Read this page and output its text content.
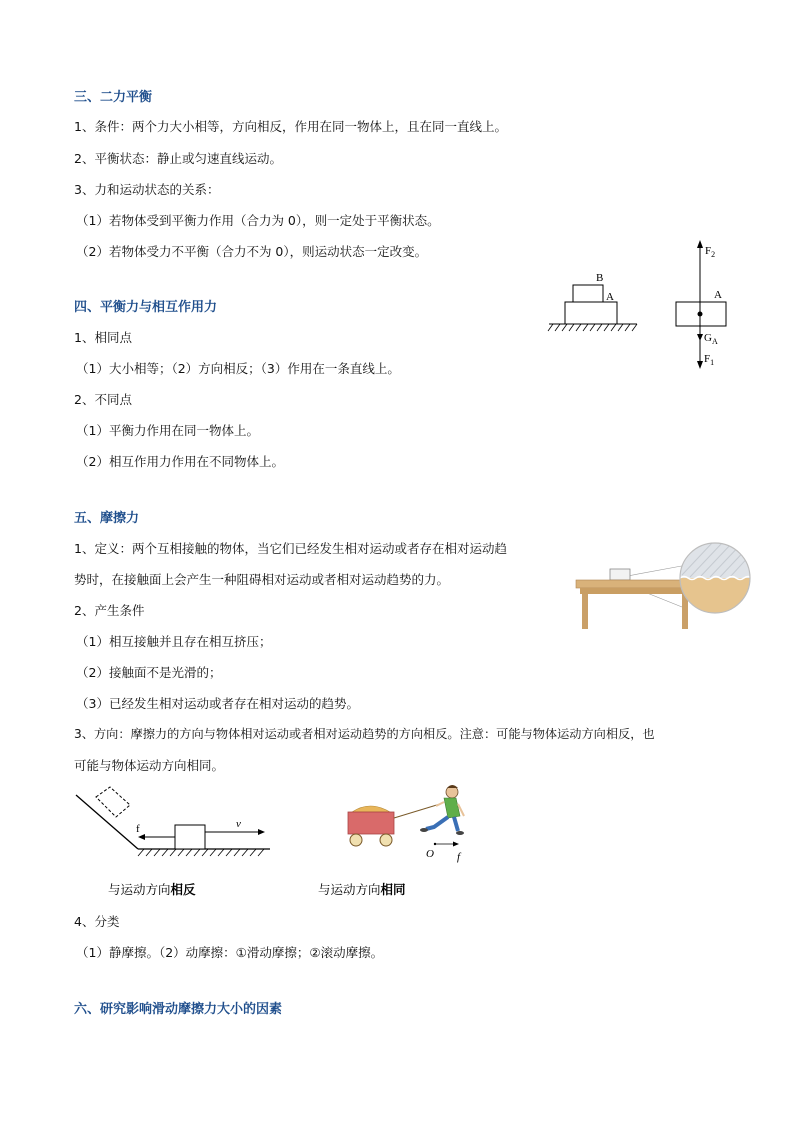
三、二力平衡
1、条件：两个力大小相等，方向相反，作用在同一物体上，且在同一直线上。
2、平衡状态：静止或匀速直线运动。
3、力和运动状态的关系：
（1）若物体受到平衡力作用（合力为 0），则一定处于平衡状态。
（2）若物体受力不平衡（合力不为 0），则运动状态一定改变。
四、平衡力与相互作用力
1、相同点
（1）大小相等；（2）方向相反；（3）作用在一条直线上。
2、不同点
（1）平衡力作用在同一物体上。
（2）相互作用力作用在不同物体上。
B
A
$F_2$
A
$G_A$
$F_1$
五、摩擦力
1、定义：两个互相接触的物体，当它们已经发生相对运动或者存在相对运动趋
势时，在接触面上会产生一种阻碍相对运动或者相对运动趋势的力。
2、产生条件
（1）相互接触并且存在相互挤压；
（2）接触面不是光滑的；
（3）已经发生相对运动或者存在相对运动的趋势。
3、方向：摩擦力的方向与物体相对运动或者相对运动趋势的方向相反。注意：可能与物体运动方向相反，也
可能与物体运动方向相同。
f	v
O f
与运动方向相反	与运动方向相同
4、分类
（1）静摩擦。（2）动摩擦：①滑动摩擦；②滚动摩擦。
六、研究影响滑动摩擦力大小的因素
